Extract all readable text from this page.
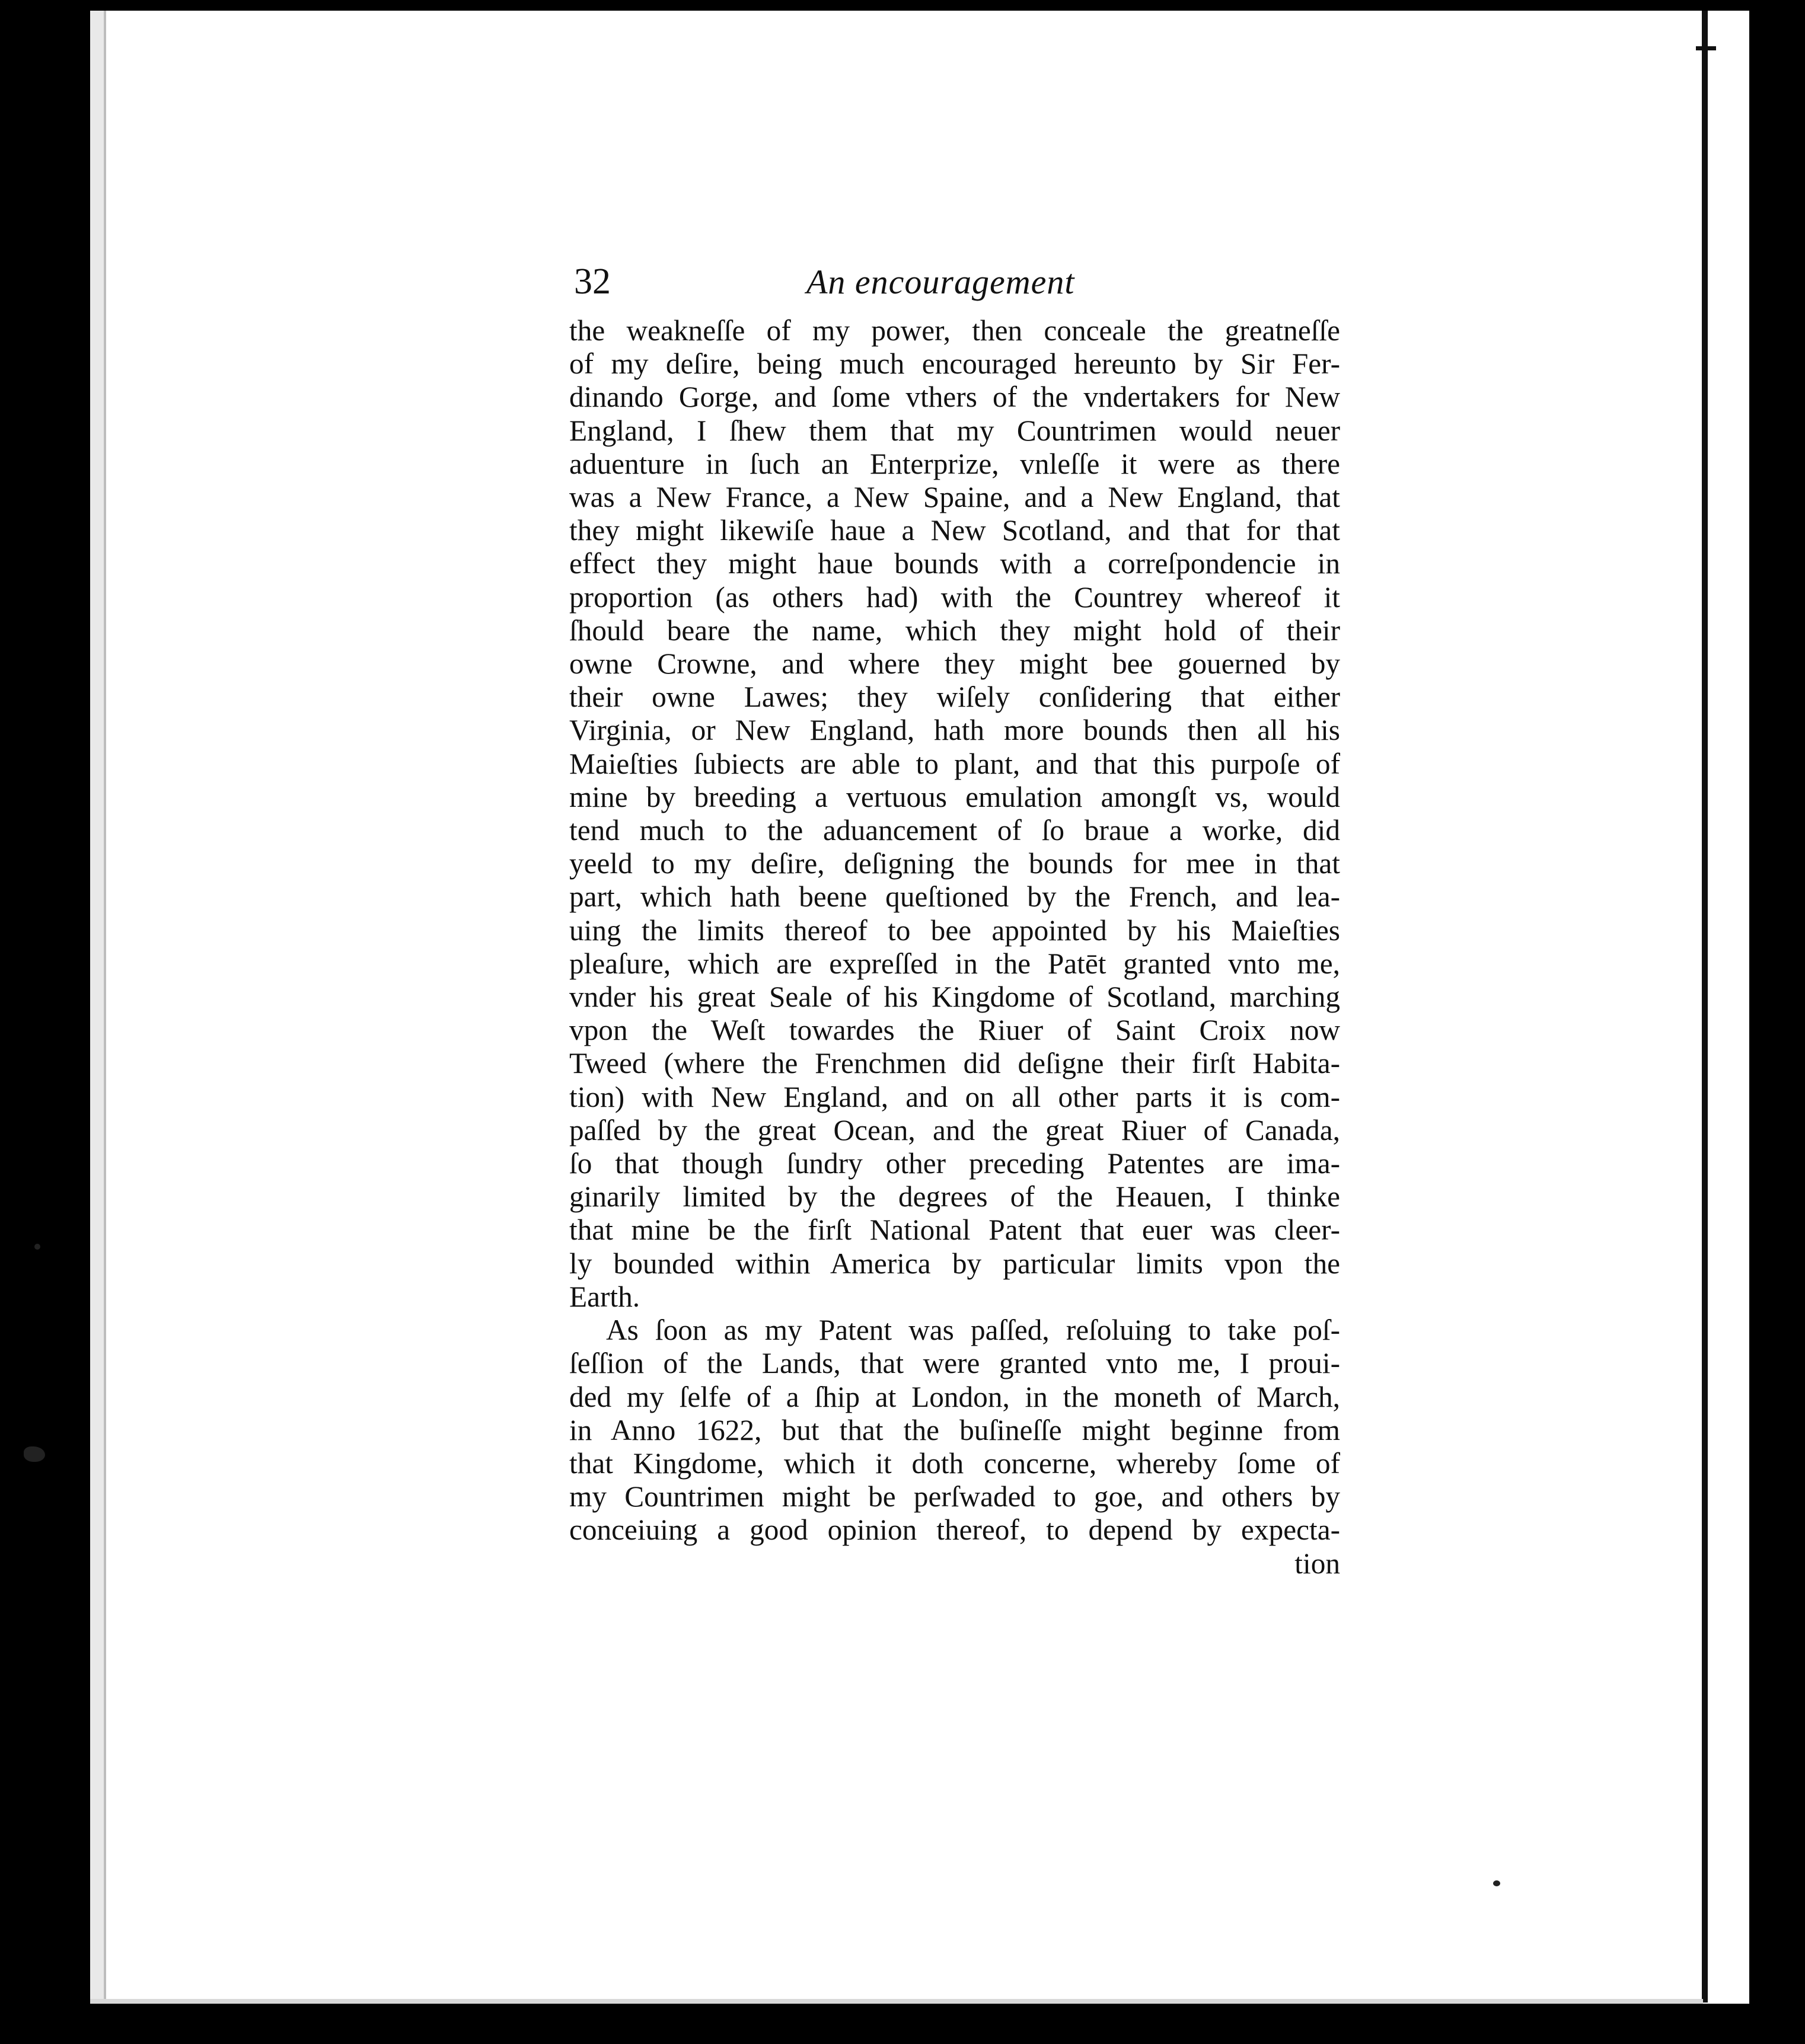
32	An encouragement
the weakneſſe of my power, then conceale the greatneſſe
of my deſire, being much encouraged hereunto by Sir Fer-
dinando Gorge, and ſome vthers of the vndertakers for New
England, I ſhew them that my Countrimen would neuer
aduenture in ſuch an Enterprize, vnleſſe it were as there
was a New France, a New Spaine, and a New England, that
they might likewiſe haue a New Scotland, and that for that
effect they might haue bounds with a correſpondencie in
proportion (as others had) with the Countrey whereof it
ſhould beare the name, which they might hold of their
owne Crowne, and where they might bee gouerned by
their owne Lawes; they wiſely conſidering that either
Virginia, or New England, hath more bounds then all his
Maieſties ſubiects are able to plant, and that this purpoſe of
mine by breeding a vertuous emulation amongſt vs, would
tend much to the aduancement of ſo braue a worke, did
yeeld to my deſire, deſigning the bounds for mee in that
part, which hath beene queſtioned by the French, and lea-
uing the limits thereof to bee appointed by his Maieſties
pleaſure, which are expreſſed in the Patēt granted vnto me,
vnder his great Seale of his Kingdome of Scotland, marching
vpon the Weſt towardes the Riuer of Saint Croix now
Tweed (where the Frenchmen did deſigne their firſt Habita-
tion) with New England, and on all other parts it is com-
paſſed by the great Ocean, and the great Riuer of Canada,
ſo that though ſundry other preceding Patentes are ima-
ginarily limited by the degrees of the Heauen, I thinke
that mine be the firſt National Patent that euer was cleer-
ly bounded within America by particular limits vpon the
Earth.
As ſoon as my Patent was paſſed, reſoluing to take poſ-
ſeſſion of the Lands, that were granted vnto me, I proui-
ded my ſelfe of a ſhip at London, in the moneth of March,
in Anno 1622, but that the buſineſſe might beginne from
that Kingdome, which it doth concerne, whereby ſome of
my Countrimen might be perſwaded to goe, and others by
conceiuing a good opinion thereof, to depend by expecta-
tion
